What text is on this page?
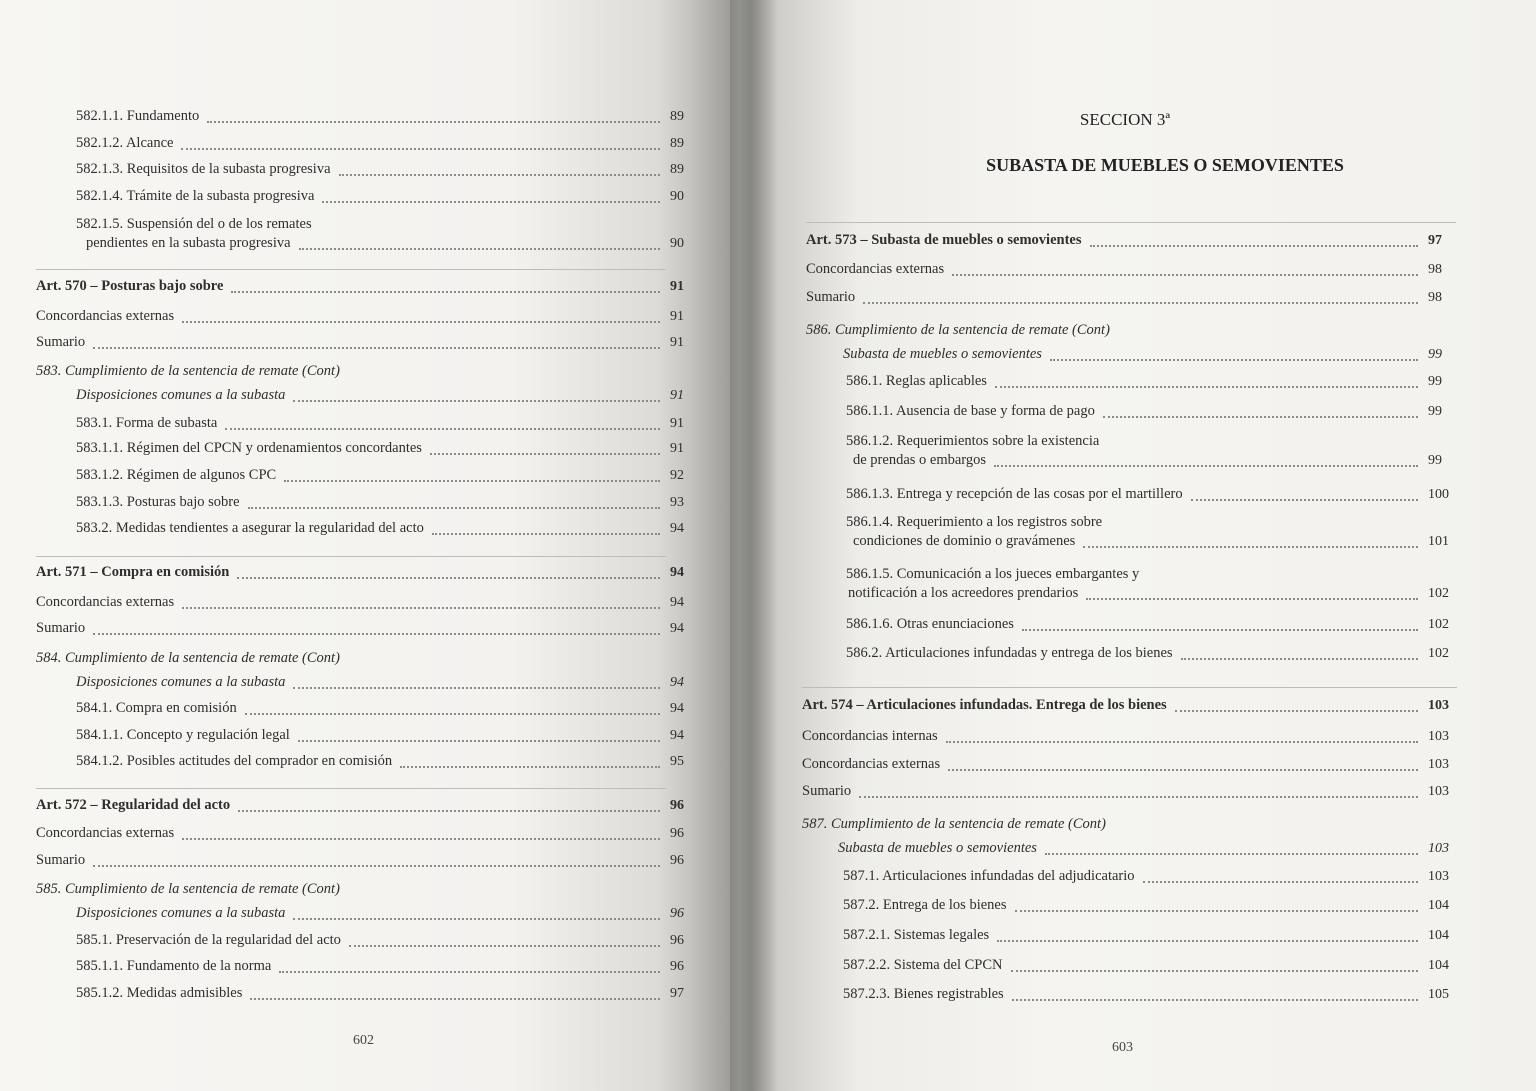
SECCION 3ª
SUBASTA DE MUEBLES O SEMOVIENTES
602	603
582.1.1. Fundamento	89
582.1.2. Alcance	89
582.1.3. Requisitos de la subasta progresiva	89
582.1.4. Trámite de la subasta progresiva	90
582.1.5. Suspensión del o de los remates
pendientes en la subasta progresiva	90
Art. 570 – Posturas bajo sobre	91
Concordancias externas	91
Sumario	91
583. Cumplimiento de la sentencia de remate (Cont)
Disposiciones comunes a la subasta	91
583.1. Forma de subasta	91
583.1.1. Régimen del CPCN y ordenamientos concordantes	91
583.1.2. Régimen de algunos CPC	92
583.1.3. Posturas bajo sobre	93
583.2. Medidas tendientes a asegurar la regularidad del acto	94
Art. 571 – Compra en comisión	94
Concordancias externas	94
Sumario	94
584. Cumplimiento de la sentencia de remate (Cont)
Disposiciones comunes a la subasta	94
584.1. Compra en comisión	94
584.1.1. Concepto y regulación legal	94
584.1.2. Posibles actitudes del comprador en comisión	95
Art. 572 – Regularidad del acto	96
Concordancias externas	96
Sumario	96
585. Cumplimiento de la sentencia de remate (Cont)
Disposiciones comunes a la subasta	96
585.1. Preservación de la regularidad del acto	96
585.1.1. Fundamento de la norma	96
585.1.2. Medidas admisibles	97
Art. 573 – Subasta de muebles o semovientes	97
Concordancias externas	98
Sumario	98
586. Cumplimiento de la sentencia de remate (Cont)
Subasta de muebles o semovientes	99
586.1. Reglas aplicables	99
586.1.1. Ausencia de base y forma de pago	99
586.1.2. Requerimientos sobre la existencia
de prendas o embargos	99
586.1.3. Entrega y recepción de las cosas por el martillero	100
586.1.4. Requerimiento a los registros sobre
condiciones de dominio o gravámenes	101
586.1.5. Comunicación a los jueces embargantes y
notificación a los acreedores prendarios	102
586.1.6. Otras enunciaciones	102
586.2. Articulaciones infundadas y entrega de los bienes	102
Art. 574 – Articulaciones infundadas. Entrega de los bienes	103
Concordancias internas	103
Concordancias externas	103
Sumario	103
587. Cumplimiento de la sentencia de remate (Cont)
Subasta de muebles o semovientes	103
587.1. Articulaciones infundadas del adjudicatario	103
587.2. Entrega de los bienes	104
587.2.1. Sistemas legales	104
587.2.2. Sistema del CPCN	104
587.2.3. Bienes registrables	105
